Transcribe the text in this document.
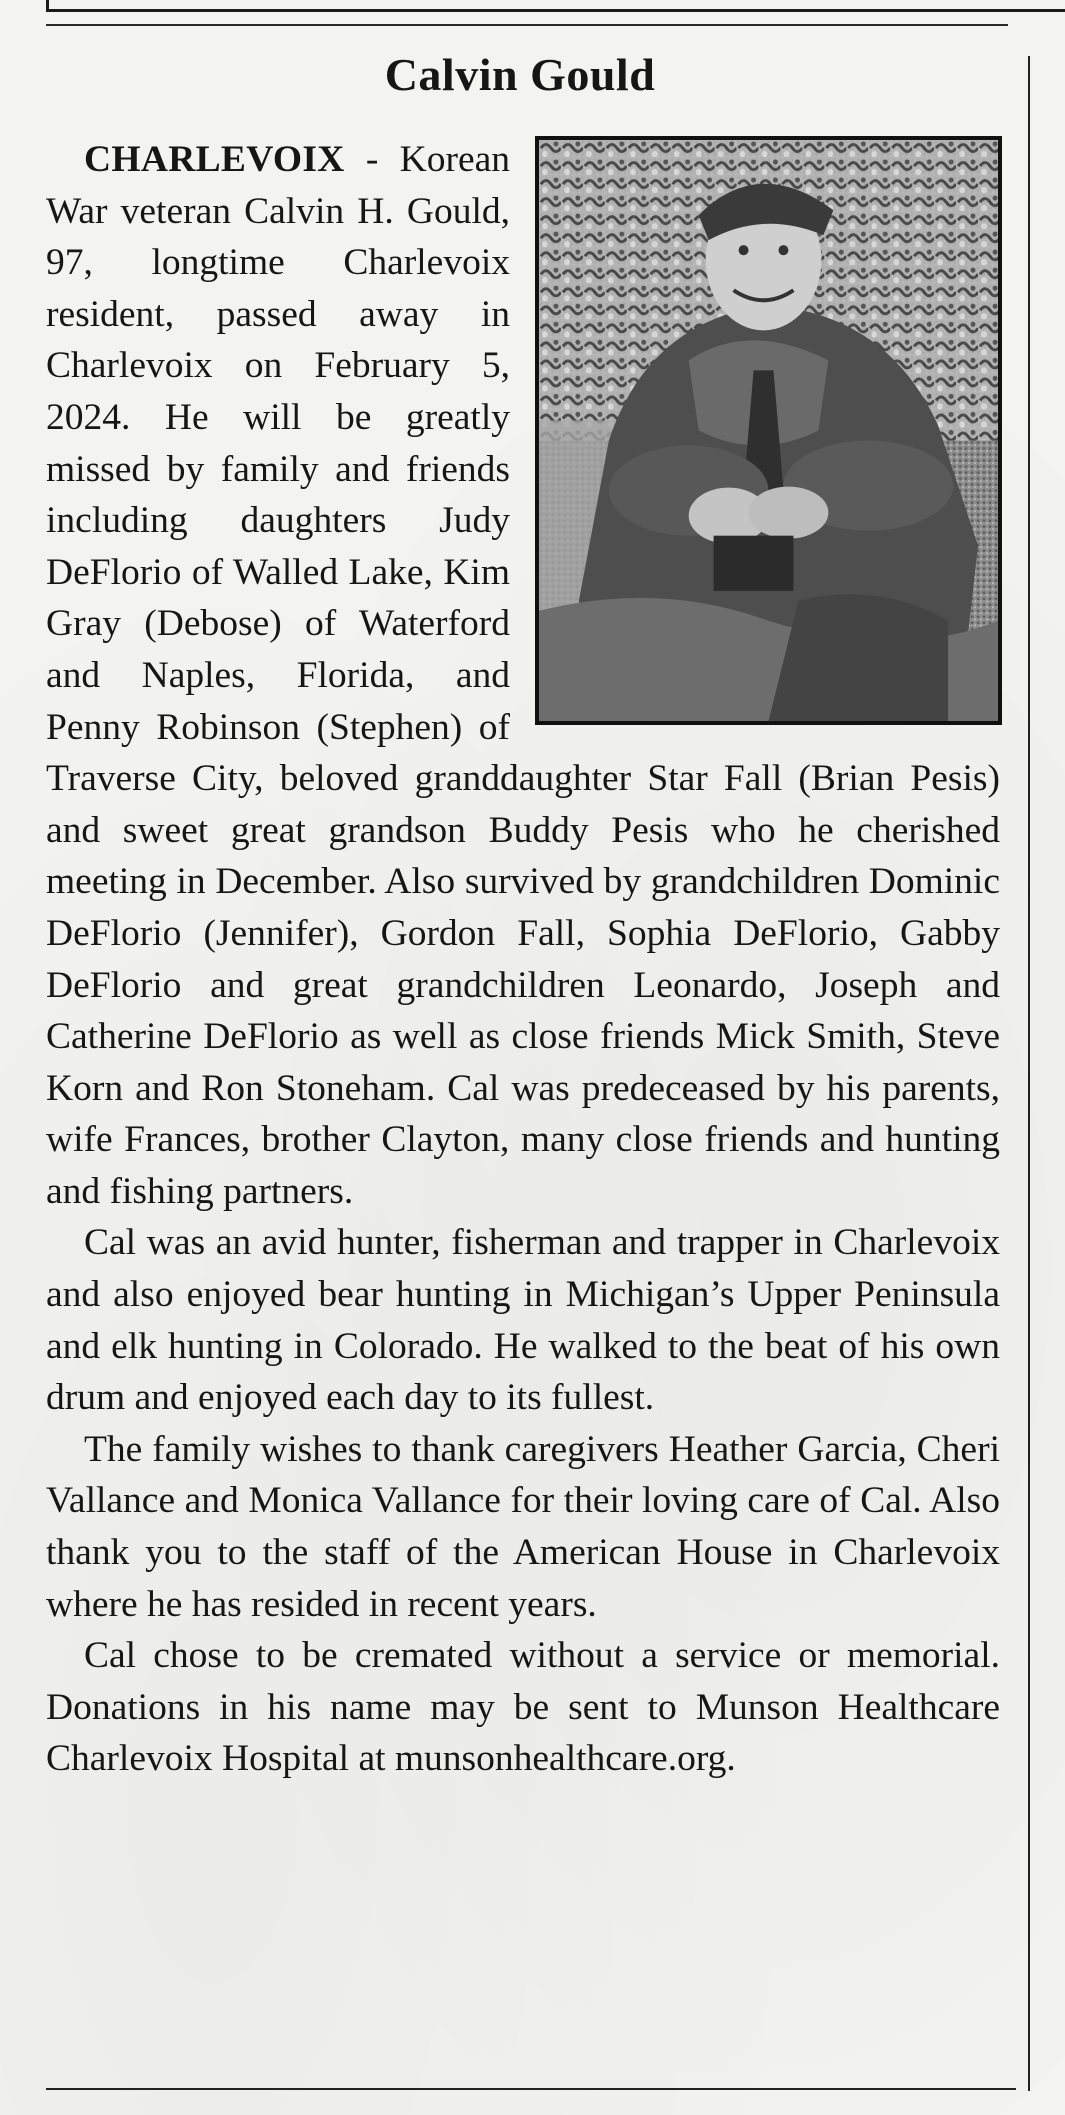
Calvin Gould

CHARLEVOIX - Korean War veteran Calvin H. Gould, 97, longtime Charlevoix resident, passed away in Charlevoix on February 5, 2024. He will be greatly missed by family and friends including daughters Judy DeFlorio of Walled Lake, Kim Gray (Debose) of Waterford and Naples, Florida, and Penny Robinson (Stephen) of Traverse City, beloved granddaughter Star Fall (Brian Pesis) and sweet great grandson Buddy Pesis who he cherished meeting in December. Also survived by grandchildren Dominic DeFlorio (Jennifer), Gordon Fall, Sophia DeFlorio, Gabby DeFlorio and great grandchildren Leonardo, Joseph and Catherine DeFlorio as well as close friends Mick Smith, Steve Korn and Ron Stoneham. Cal was predeceased by his parents, wife Frances, brother Clayton, many close friends and hunting and fishing partners.

Cal was an avid hunter, fisherman and trapper in Charlevoix and also enjoyed bear hunting in Michigan’s Upper Peninsula and elk hunting in Colorado. He walked to the beat of his own drum and enjoyed each day to its fullest.

The family wishes to thank caregivers Heather Garcia, Cheri Vallance and Monica Vallance for their loving care of Cal. Also thank you to the staff of the American House in Charlevoix where he has resided in recent years.

Cal chose to be cremated without a service or memorial. Donations in his name may be sent to Munson Healthcare Charlevoix Hospital at munsonhealthcare.org.
